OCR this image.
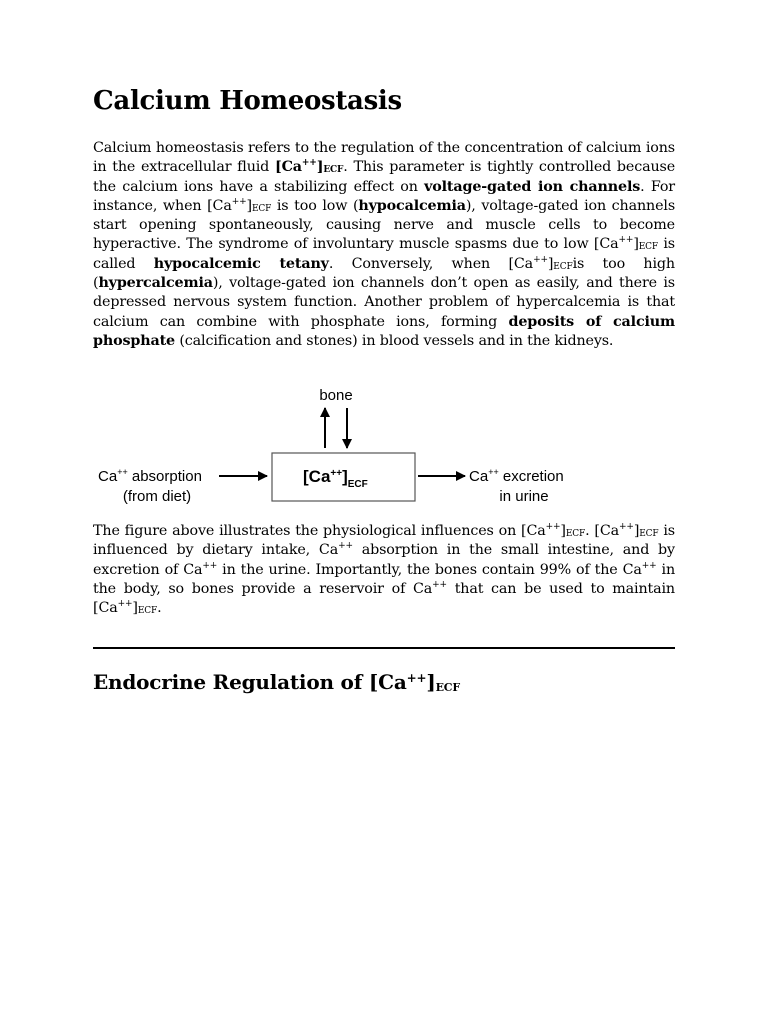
Calcium Homeostasis

Calcium homeostasis refers to the regulation of the concentration of calcium ions in the extracellular fluid $[Ca^{++}]_{ECF}$. This parameter is tightly controlled because the calcium ions have a stabilizing effect on voltage-gated ion channels. For instance, when $[Ca^{++}]_{ECF}$ is too low (hypocalcemia), voltage-gated ion channels start opening spontaneously, causing nerve and muscle cells to become hyperactive. The syndrome of involuntary muscle spasms due to low $[Ca^{++}]_{ECF}$ is called hypocalcemic tetany. Conversely, when $[Ca^{++}]_{ECF}is$ too high (hypercalcemia), voltage-gated ion channels don’t open as easily, and there is depressed nervous system function. Another problem of hypercalcemia is that calcium can combine with phosphate ions, forming deposits of calcium phosphate (calcification and stones) in blood vessels and in the kidneys.

bone
$[Ca^{++}]_{ECF}$
Ca++ absorption
(from diet)
Ca++ excretion
in urine

The figure above illustrates the physiological influences on $[Ca^{++}]_{ECF}$. $[Ca^{++}]_{ECF}$ is influenced by dietary intake, Ca++ absorption in the small intestine, and by excretion of Ca++ in the urine. Importantly, the bones contain 99% of the Ca++ in the body, so bones provide a reservoir of Ca++ that can be used to maintain $[Ca^{++}]_{ECF}$.

Endocrine Regulation of $[Ca^{++}]_{ECF}$
